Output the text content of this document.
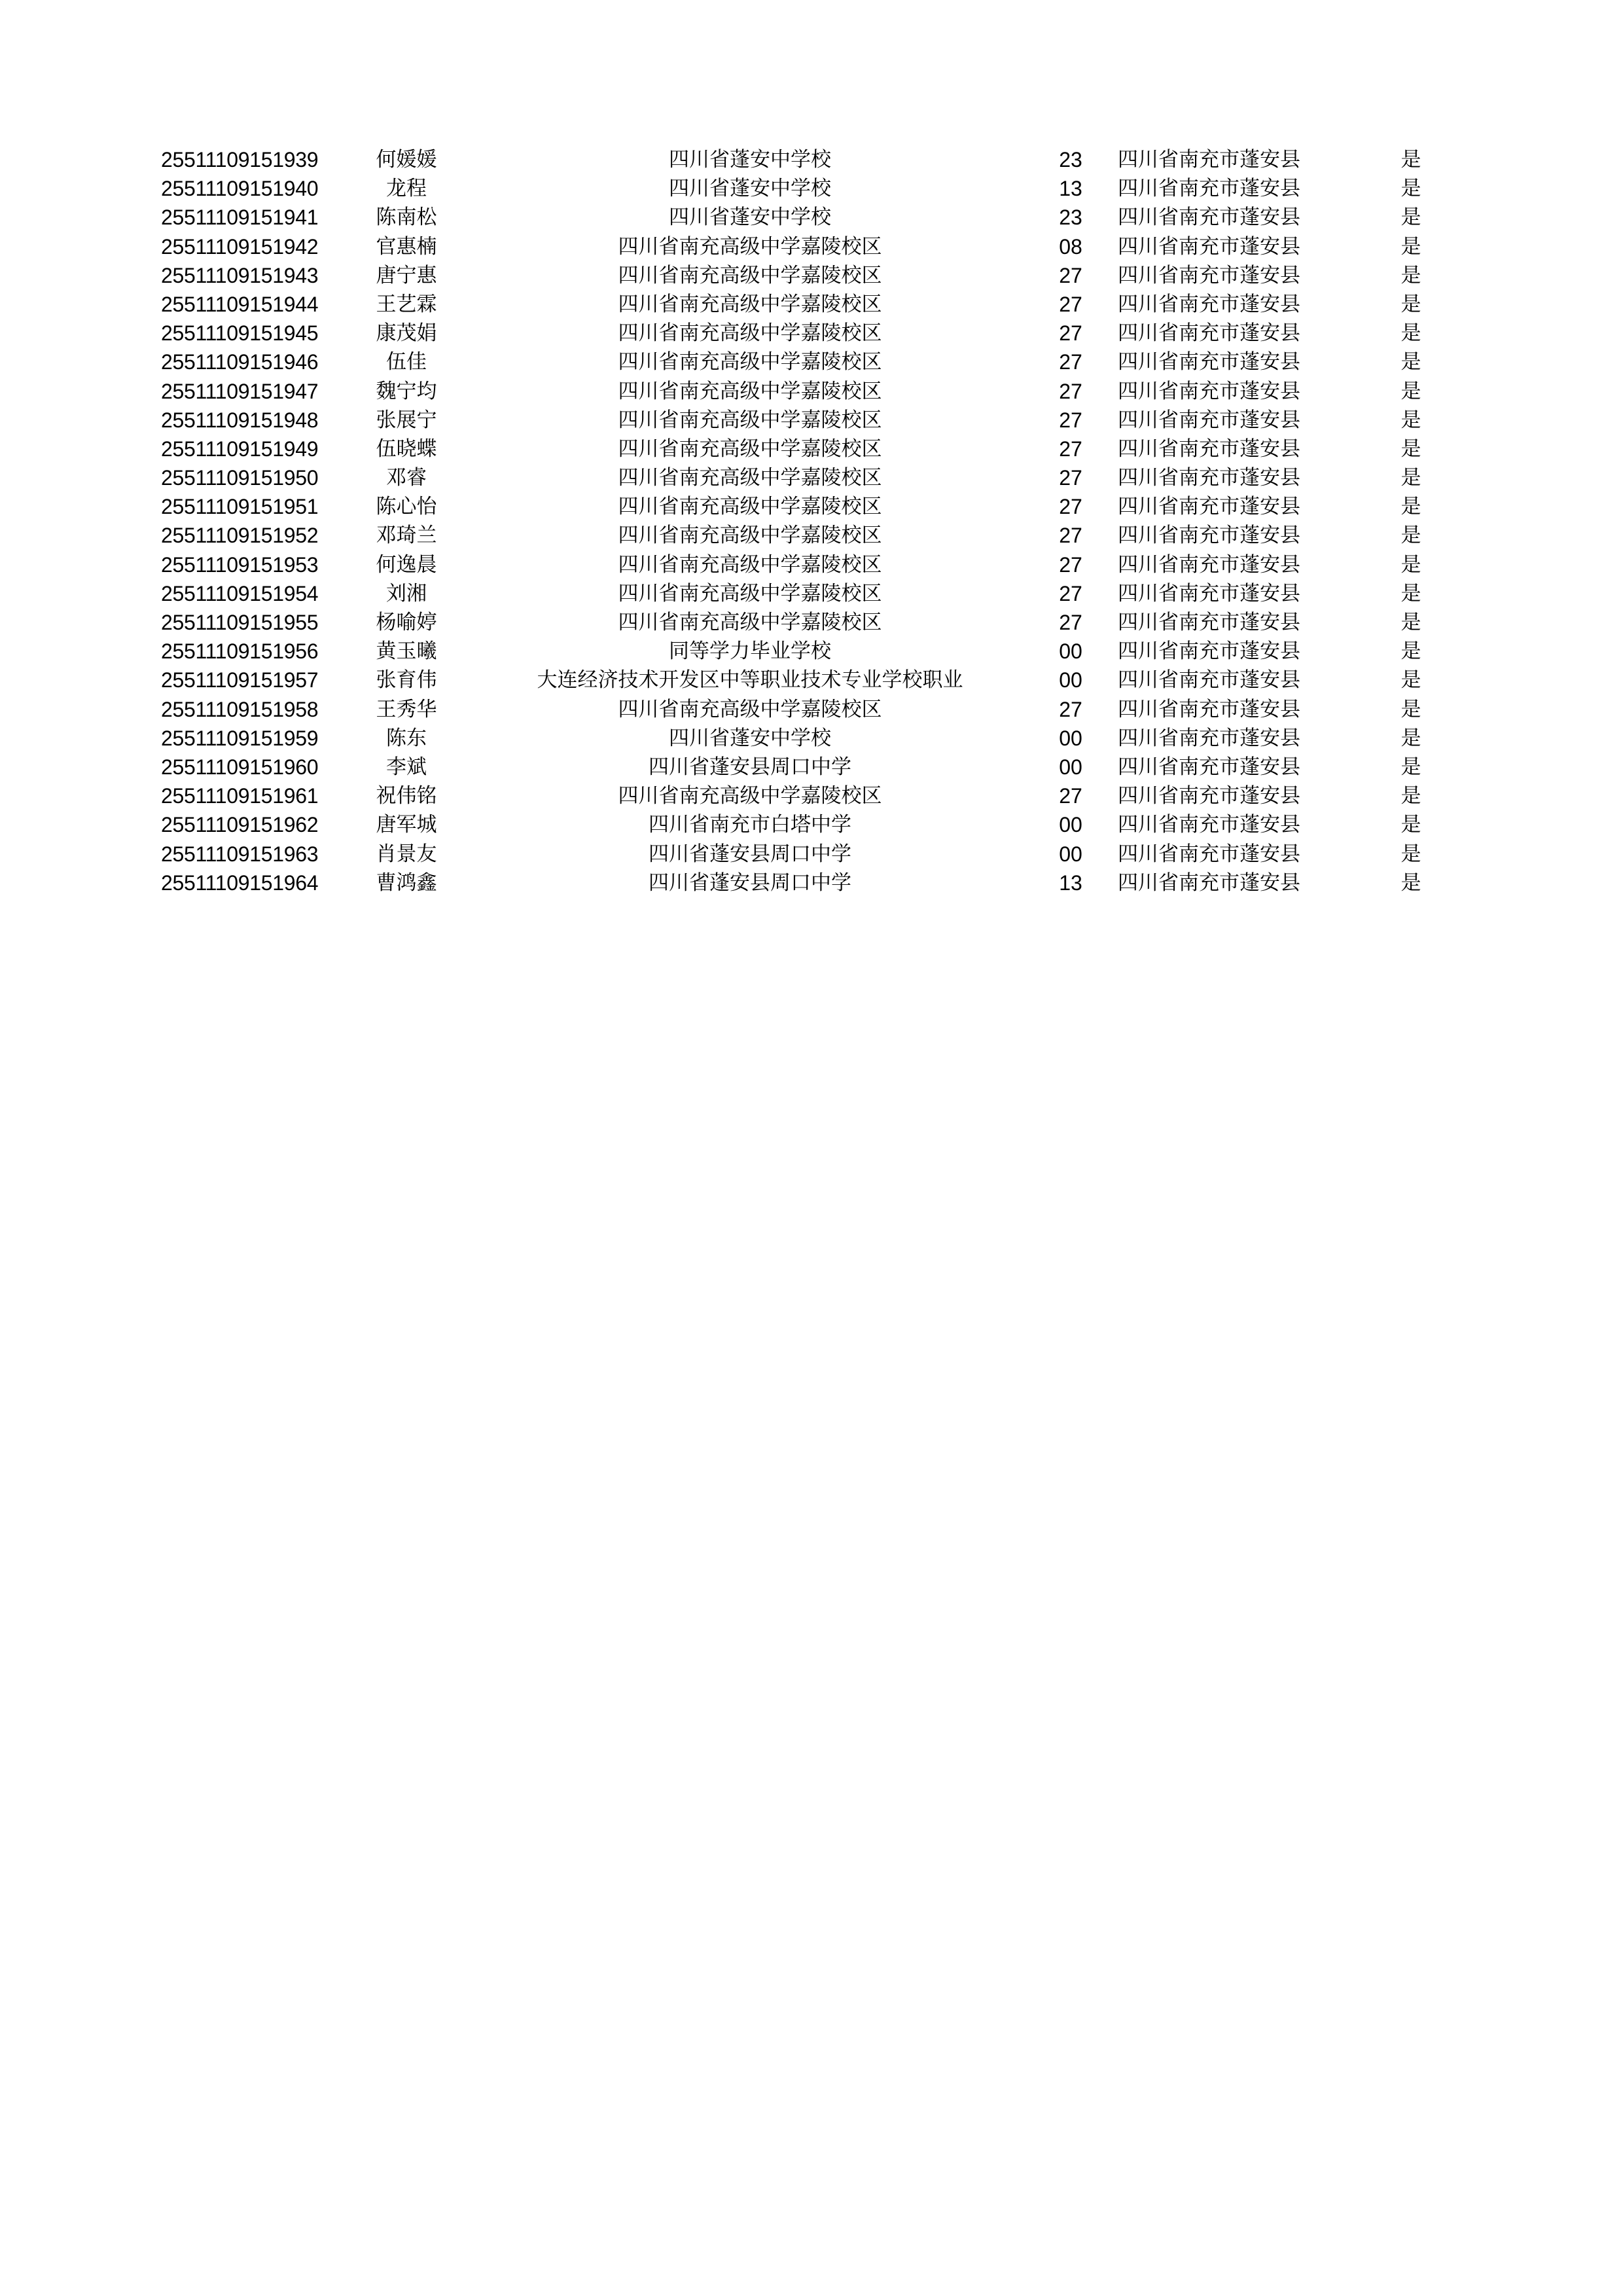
25511109151939	何媛媛	四川省蓬安中学校	23	四川省南充市蓬安县	是
25511109151940	龙程	四川省蓬安中学校	13	四川省南充市蓬安县	是
25511109151941	陈南松	四川省蓬安中学校	23	四川省南充市蓬安县	是
25511109151942	官惠楠	四川省南充高级中学嘉陵校区	08	四川省南充市蓬安县	是
25511109151943	唐宁惠	四川省南充高级中学嘉陵校区	27	四川省南充市蓬安县	是
25511109151944	王艺霖	四川省南充高级中学嘉陵校区	27	四川省南充市蓬安县	是
25511109151945	康茂娟	四川省南充高级中学嘉陵校区	27	四川省南充市蓬安县	是
25511109151946	伍佳	四川省南充高级中学嘉陵校区	27	四川省南充市蓬安县	是
25511109151947	魏宁均	四川省南充高级中学嘉陵校区	27	四川省南充市蓬安县	是
25511109151948	张展宁	四川省南充高级中学嘉陵校区	27	四川省南充市蓬安县	是
25511109151949	伍晓蝶	四川省南充高级中学嘉陵校区	27	四川省南充市蓬安县	是
25511109151950	邓睿	四川省南充高级中学嘉陵校区	27	四川省南充市蓬安县	是
25511109151951	陈心怡	四川省南充高级中学嘉陵校区	27	四川省南充市蓬安县	是
25511109151952	邓琦兰	四川省南充高级中学嘉陵校区	27	四川省南充市蓬安县	是
25511109151953	何逸晨	四川省南充高级中学嘉陵校区	27	四川省南充市蓬安县	是
25511109151954	刘湘	四川省南充高级中学嘉陵校区	27	四川省南充市蓬安县	是
25511109151955	杨喻婷	四川省南充高级中学嘉陵校区	27	四川省南充市蓬安县	是
25511109151956	黄玉曦	同等学力毕业学校	00	四川省南充市蓬安县	是
25511109151957	张育伟	大连经济技术开发区中等职业技术专业学校职业	00	四川省南充市蓬安县	是
25511109151958	王秀华	四川省南充高级中学嘉陵校区	27	四川省南充市蓬安县	是
25511109151959	陈东	四川省蓬安中学校	00	四川省南充市蓬安县	是
25511109151960	李斌	四川省蓬安县周口中学	00	四川省南充市蓬安县	是
25511109151961	祝伟铭	四川省南充高级中学嘉陵校区	27	四川省南充市蓬安县	是
25511109151962	唐军城	四川省南充市白塔中学	00	四川省南充市蓬安县	是
25511109151963	肖景友	四川省蓬安县周口中学	00	四川省南充市蓬安县	是
25511109151964	曹鸿鑫	四川省蓬安县周口中学	13	四川省南充市蓬安县	是
